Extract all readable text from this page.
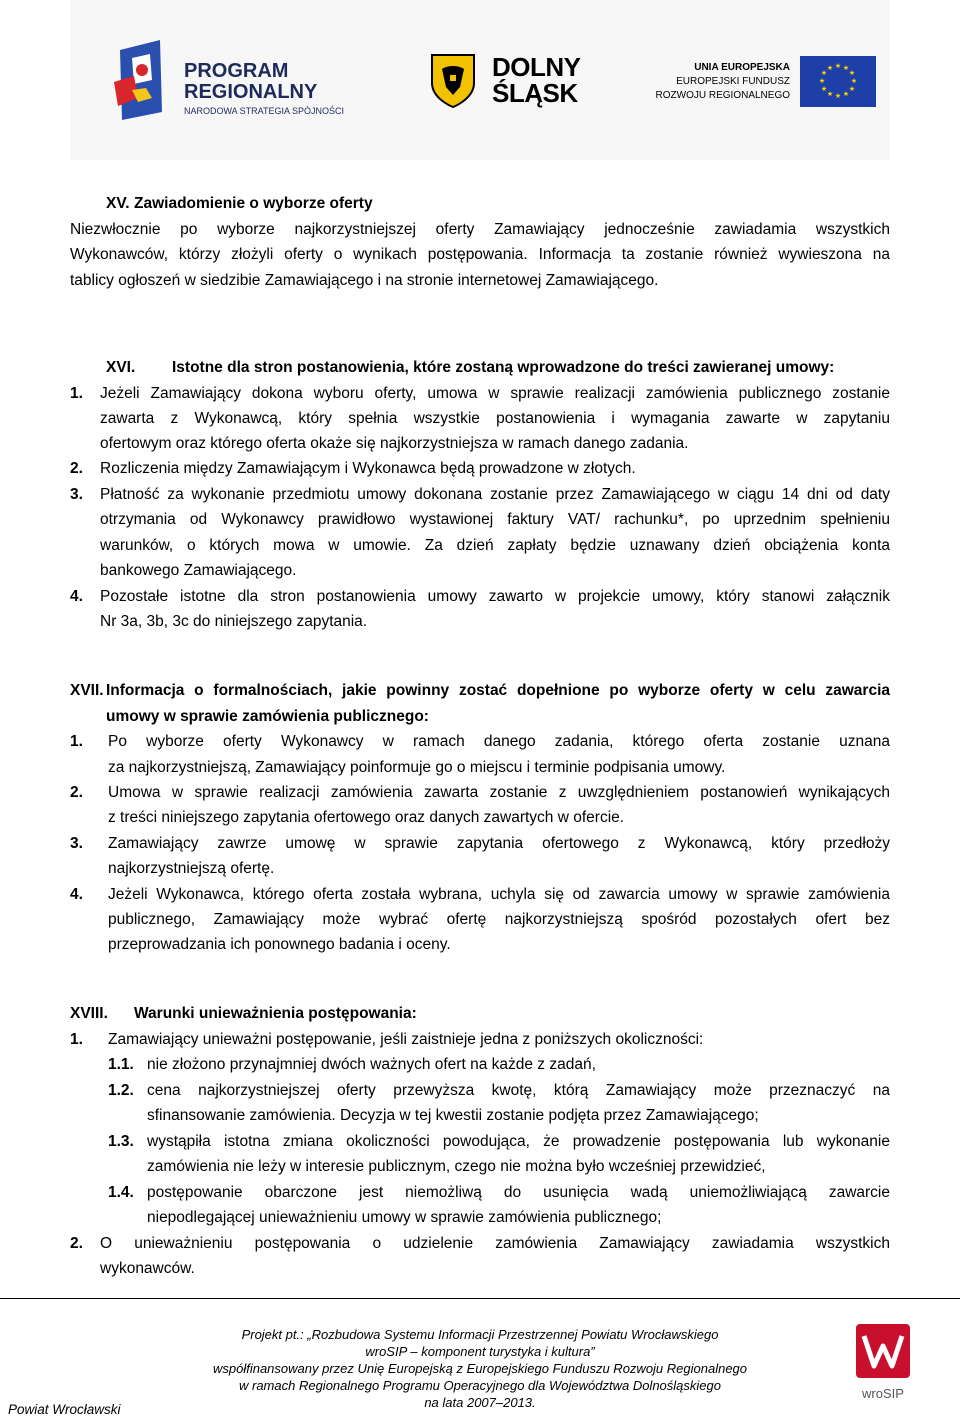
PROGRAM
REGIONALNY
NARODOWA STRATEGIA SPÓJNOŚCI
DOLNY
ŚLĄSK
UNIA EUROPEJSKA
EUROPEJSKI FUNDUSZ
ROZWOJU REGIONALNEGO
★ ★
★
★
★
★
★
★
★
★
★
★
XV. Zawiadomienie o wyborze oferty
Niezwłocznie po wyborze najkorzystniejszej oferty Zamawiający jednocześnie zawiadamia wszystkich
Wykonawców, którzy złożyli oferty o wynikach postępowania. Informacja ta zostanie również wywieszona na
tablicy ogłoszeń w siedzibie Zamawiającego i na stronie internetowej Zamawiającego.
XVI. Istotne dla stron postanowienia, które zostaną wprowadzone do treści zawieranej umowy:
1. Jeżeli Zamawiający dokona wyboru oferty, umowa w sprawie realizacji zamówienia publicznego zostanie
zawarta z Wykonawcą, który spełnia wszystkie postanowienia i wymagania zawarte w zapytaniu
ofertowym oraz którego oferta okaże się najkorzystniejsza w ramach danego zadania.
2. Rozliczenia między Zamawiającym i Wykonawca będą prowadzone w złotych.
3. Płatność za wykonanie przedmiotu umowy dokonana zostanie przez Zamawiającego w ciągu 14 dni od daty
otrzymania od Wykonawcy prawidłowo wystawionej faktury VAT/ rachunku*, po uprzednim spełnieniu
warunków, o których mowa w umowie. Za dzień zapłaty będzie uznawany dzień obciążenia konta
bankowego Zamawiającego.
4. Pozostałe istotne dla stron postanowienia umowy zawarto w projekcie umowy, który stanowi załącznik
Nr 3a, 3b, 3c do niniejszego zapytania.
XVII. Informacja o formalnościach, jakie powinny zostać dopełnione po wyborze oferty w celu zawarcia
umowy w sprawie zamówienia publicznego:
1. Po wyborze oferty Wykonawcy w ramach danego zadania, którego oferta zostanie uznana
za najkorzystniejszą, Zamawiający poinformuje go o miejscu i terminie podpisania umowy.
2. Umowa w sprawie realizacji zamówienia zawarta zostanie z uwzględnieniem postanowień wynikających
z treści niniejszego zapytania ofertowego oraz danych zawartych w ofercie.
3. Zamawiający zawrze umowę w sprawie zapytania ofertowego z Wykonawcą, który przedłoży
najkorzystniejszą ofertę.
4. Jeżeli Wykonawca, którego oferta została wybrana, uchyla się od zawarcia umowy w sprawie zamówienia
publicznego, Zamawiający może wybrać ofertę najkorzystniejszą spośród pozostałych ofert bez
przeprowadzania ich ponownego badania i oceny.
XVIII. Warunki unieważnienia postępowania:
1. Zamawiający unieważni postępowanie, jeśli zaistnieje jedna z poniższych okoliczności:
1.1. nie złożono przynajmniej dwóch ważnych ofert na każde z zadań,
1.2. cena najkorzystniejszej oferty przewyższa kwotę, którą Zamawiający może przeznaczyć na
sfinansowanie zamówienia. Decyzja w tej kwestii zostanie podjęta przez Zamawiającego;
1.3. wystąpiła istotna zmiana okoliczności powodująca, że prowadzenie postępowania lub wykonanie
zamówienia nie leży w interesie publicznym, czego nie można było wcześniej przewidzieć,
1.4. postępowanie obarczone jest niemożliwą do usunięcia wadą uniemożliwiającą zawarcie
niepodlegającej unieważnieniu umowy w sprawie zamówienia publicznego;
2. O unieważnieniu postępowania o udzielenie zamówienia Zamawiający zawiadamia wszystkich
wykonawców.
Projekt pt.: „Rozbudowa Systemu Informacji Przestrzennej Powiatu Wrocławskiego
wroSIP – komponent turystyka i kultura”
współfinansowany przez Unię Europejską z Europejskiego Funduszu Rozwoju Regionalnego
w ramach Regionalnego Programu Operacyjnego dla Województwa Dolnośląskiego
na lata 2007–2013.
Powiat Wrocławski
wroSIP
